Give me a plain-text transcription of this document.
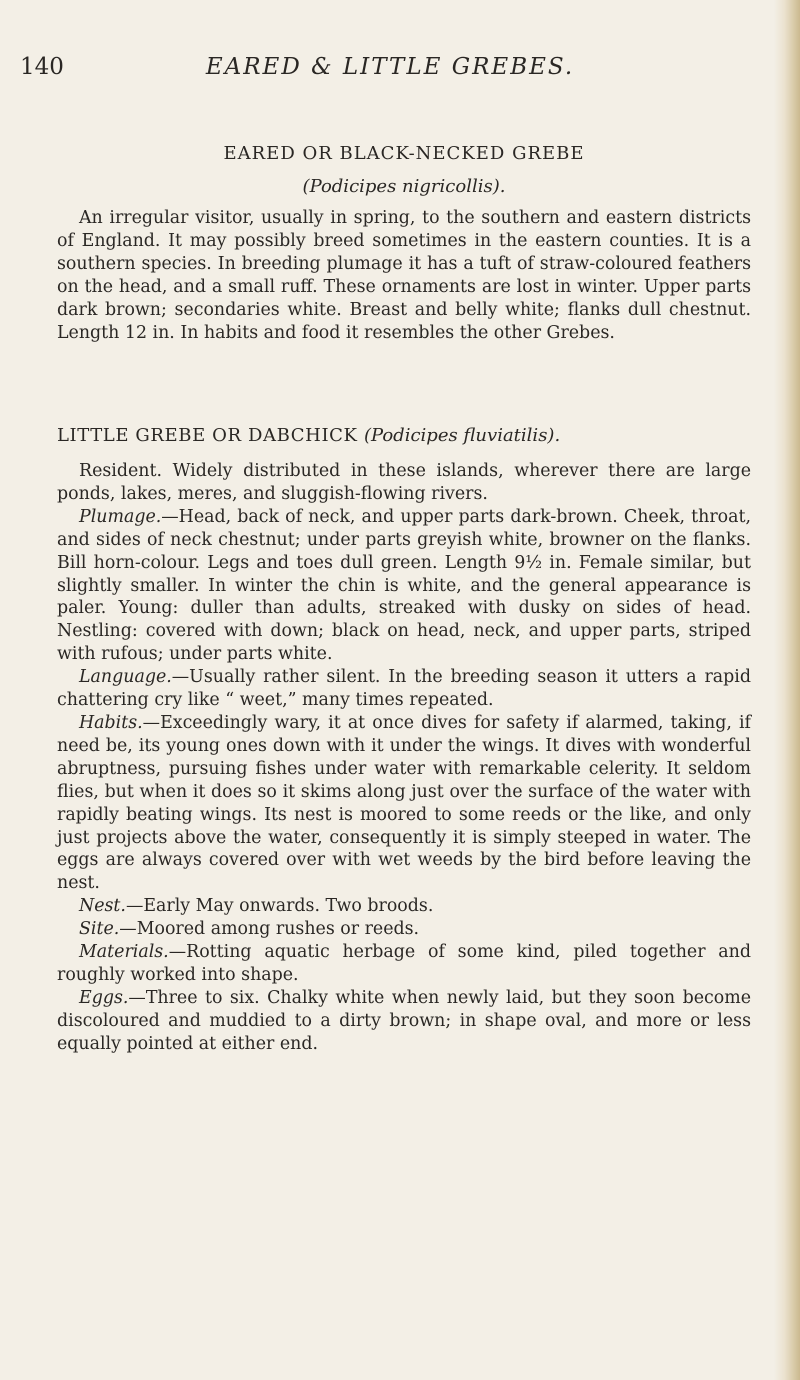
140	EARED & LITTLE GREBES.
EARED OR BLACK-NECKED GREBE
(Podicipes nigricollis).

An irregular visitor, usually in spring, to the southern and eastern districts of England. It may possibly breed sometimes in the eastern counties. It is a southern species. In breeding plumage it has a tuft of straw-coloured feathers on the head, and a small ruff. These ornaments are lost in winter. Upper parts dark brown; secondaries white. Breast and belly white; flanks dull chestnut. Length 12 in. In habits and food it resembles the other Grebes.

LITTLE GREBE OR DABCHICK (Podicipes fluviatilis).

Resident. Widely distributed in these islands, wherever there are large ponds, lakes, meres, and sluggish-flowing rivers.

Plumage.—Head, back of neck, and upper parts dark-brown. Cheek, throat, and sides of neck chestnut; under parts greyish white, browner on the flanks. Bill horn-colour. Legs and toes dull green. Length 9½ in. Female similar, but slightly smaller. In winter the chin is white, and the general appearance is paler. Young: duller than adults, streaked with dusky on sides of head. Nestling: covered with down; black on head, neck, and upper parts, striped with rufous; under parts white.

Language.—Usually rather silent. In the breeding season it utters a rapid chattering cry like “ weet,” many times repeated.

Habits.—Exceedingly wary, it at once dives for safety if alarmed, taking, if need be, its young ones down with it under the wings. It dives with wonderful abruptness, pursuing fishes under water with remarkable celerity. It seldom flies, but when it does so it skims along just over the surface of the water with rapidly beating wings. Its nest is moored to some reeds or the like, and only just projects above the water, consequently it is simply steeped in water. The eggs are always covered over with wet weeds by the bird before leaving the nest.

Nest.—Early May onwards. Two broods.

Site.—Moored among rushes or reeds.

Materials.—Rotting aquatic herbage of some kind, piled together and roughly worked into shape.

Eggs.—Three to six. Chalky white when newly laid, but they soon become discoloured and muddied to a dirty brown; in shape oval, and more or less equally pointed at either end.
